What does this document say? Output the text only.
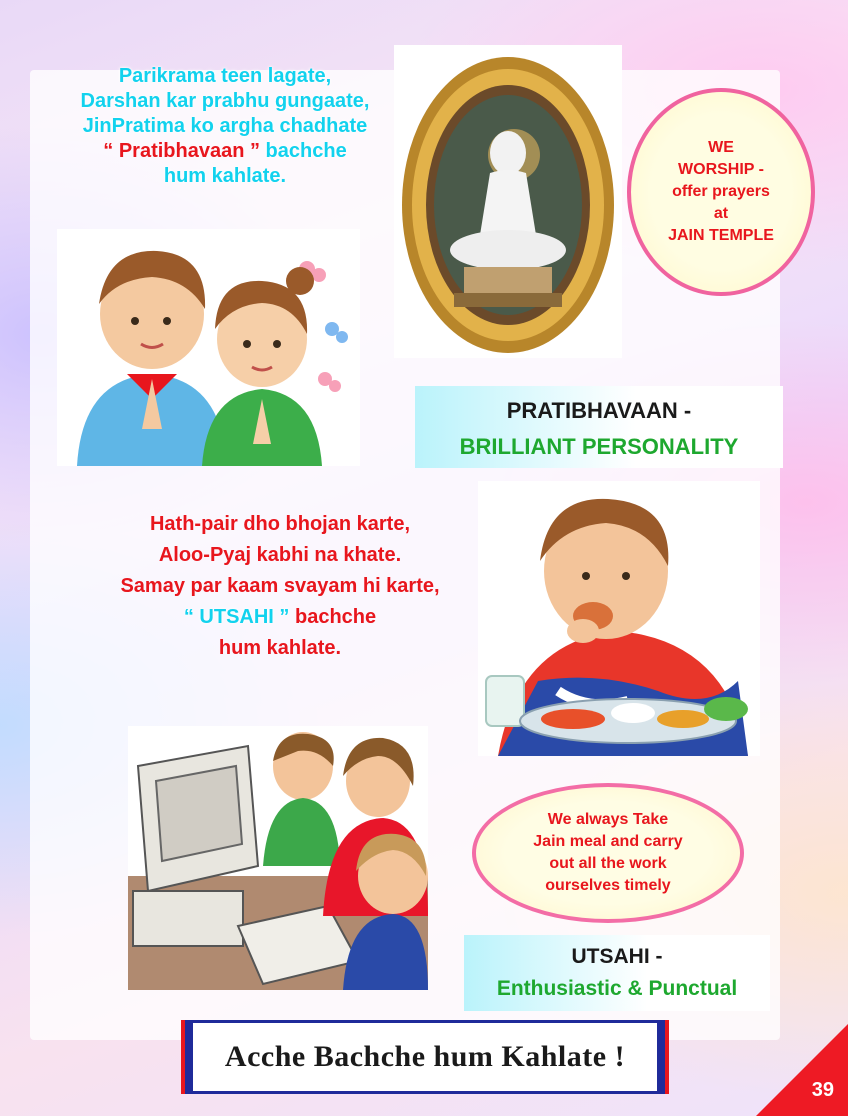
Parikrama teen lagate,
Darshan kar prabhu gungaate,
JinPratima ko argha chadhate
“ Pratibhavaan ” bachche
hum kahlate.
WE
WORSHIP -
offer prayers
at
JAIN TEMPLE
PRATIBHAVAAN -
BRILLIANT PERSONALITY
Hath-pair dho bhojan karte,
Aloo-Pyaj kabhi na khate.
Samay par kaam svayam hi karte,
“ UTSAHI ” bachche
hum kahlate.
We always Take
Jain meal and carry
out all the work
ourselves timely
UTSAHI -
Enthusiastic & Punctual
Acche Bachche hum Kahlate !
39
